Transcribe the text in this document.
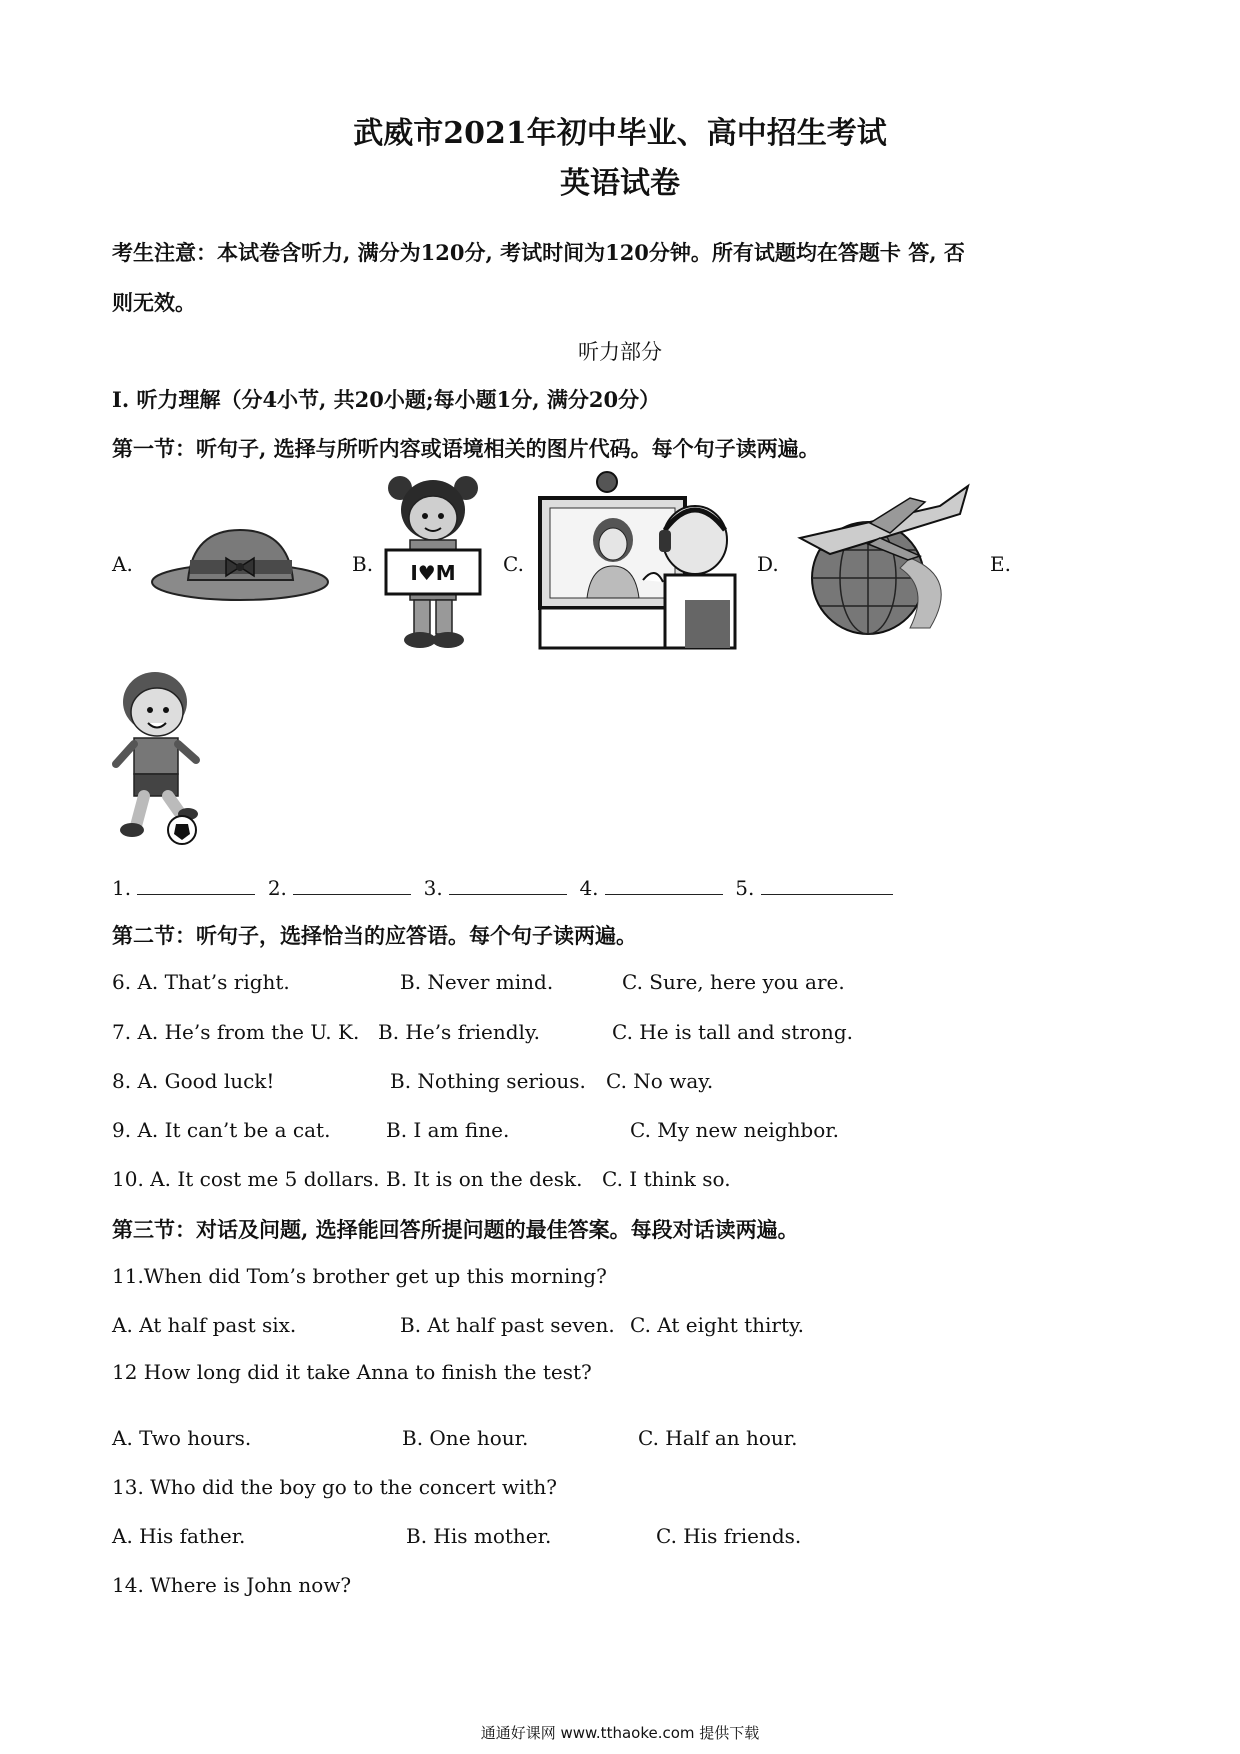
武威市2021年初中毕业、高中招生考试
英语试卷
考生注意：本试卷含听力, 满分为120分, 考试时间为120分钟。所有试题均在答题卡 答, 否
则无效。
听力部分
I. 听力理解（分4小节, 共20小题;每小题1分, 满分20分）
第一节：听句子, 选择与所听内容或语境相关的图片代码。每个句子读两遍。
A.	B.	C.	D.	E.
I♥M
1.	2.	3.	4.	5.
第二节：听句子，选择恰当的应答语。每个句子读两遍。
6. A. That’s right.	B. Never mind.	C. Sure, here you are.
7. A. He’s from the U. K. B. He’s friendly.	C. He is tall and strong.
8. A. Good luck!	B. Nothing serious. C. No way.
9. A. It can’t be a cat.	B. I am fine.	C. My new neighbor.
10. A. It cost me 5 dollars. B. It is on the desk. C. I think so.
第三节：对话及问题, 选择能回答所提问题的最佳答案。每段对话读两遍。
11.When did Tom’s brother get up this morning?
A. At half past six.	B. At half past seven. C. At eight thirty.
12 How long did it take Anna to finish the test?
A. Two hours.	B. One hour.	C. Half an hour.
13. Who did the boy go to the concert with?
A. His father.	B. His mother.	C. His friends.
14. Where is John now?
通通好课网 www.tthaoke.com 提供下载
